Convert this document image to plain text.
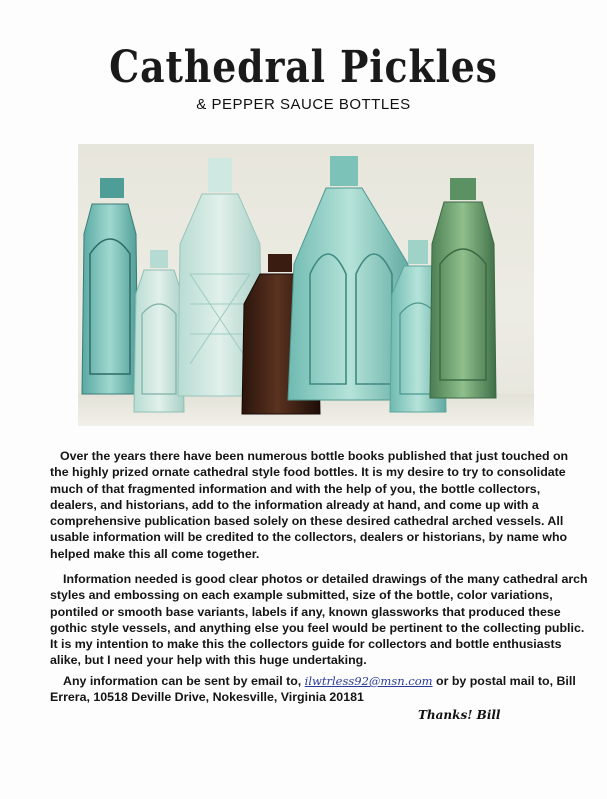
Cathedral Pickles
& PEPPER SAUCE BOTTLES

Over the years there have been numerous bottle books published that just touched on the highly prized ornate cathedral style food bottles. It is my desire to try to consolidate much of that fragmented information and with the help of you, the bottle collectors, dealers, and historians, add to the information already at hand, and come up with a comprehensive publication based solely on these desired cathedral arched vessels. All usable information will be credited to the collectors, dealers or historians, by name who helped make this all come together.

Information needed is good clear photos or detailed drawings of the many cathedral arch styles and embossing on each example submitted, size of the bottle, color variations, pontiled or smooth base variants, labels if any, known glassworks that produced these gothic style vessels, and anything else you feel would be pertinent to the collecting public. It is my intention to make this the collectors guide for collectors and bottle enthusiasts alike, but I need your help with this huge undertaking.

Any information can be sent by email to, ilwtrless92@msn.com or by postal mail to, Bill Errera, 10518 Deville Drive, Nokesville, Virginia 20181

Thanks! Bill
